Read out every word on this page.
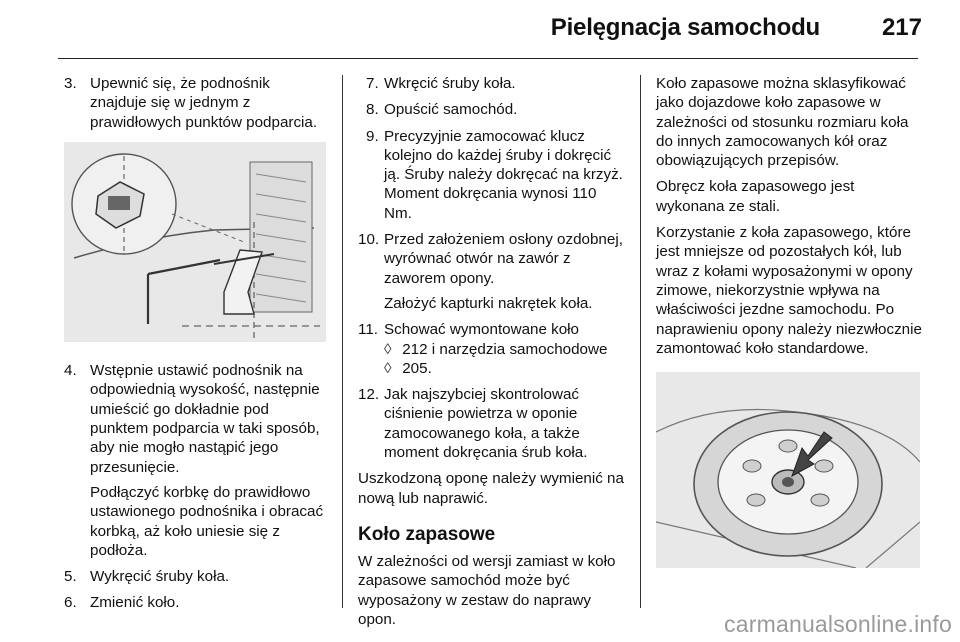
Pielęgnacja samochodu	217
3. Upewnić się, że podnośnik znajduje się w jednym z prawidłowych punktów podparcia.
4. Wstępnie ustawić podnośnik na odpowiednią wysokość, następnie umieścić go dokładnie pod punktem podparcia w taki sposób, aby nie mogło nastąpić jego przesunięcie.
Podłączyć korbkę do prawidłowo ustawionego podnośnika i obracać korbką, aż koło uniesie się z podłoża.
5. Wykręcić śruby koła.
6. Zmienić koło.
7. Wkręcić śruby koła.
8. Opuścić samochód.
9. Precyzyjnie zamocować klucz kolejno do każdej śruby i dokręcić ją. Śruby należy dokręcać na krzyż. Moment dokręcania wynosi 110 Nm.
10. Przed założeniem osłony ozdobnej, wyrównać otwór na zawór z zaworem opony.
Założyć kapturki nakrętek koła.
11. Schować wymontowane koło
◊ 212 i narzędzia samochodowe
◊ 205.
12. Jak najszybciej skontrolować ciśnienie powietrza w oponie zamocowanego koła, a także moment dokręcania śrub koła.

Uszkodzoną oponę należy wymienić na nową lub naprawić.

Koło zapasowe

W zależności od wersji zamiast w koło zapasowe samochód może być wyposażony w zestaw do naprawy opon.

Koło zapasowe można sklasyfikować jako dojazdowe koło zapasowe w zależności od stosunku rozmiaru koła do innych zamocowanych kół oraz obowiązujących przepisów.

Obręcz koła zapasowego jest wykonana ze stali.

Korzystanie z koła zapasowego, które jest mniejsze od pozostałych kół, lub wraz z kołami wyposażonymi w opony zimowe, niekorzystnie wpływa na właściwości jezdne samochodu. Po naprawieniu opony należy niezwłocznie zamontować koło standardowe.

carmanualsonline.info
